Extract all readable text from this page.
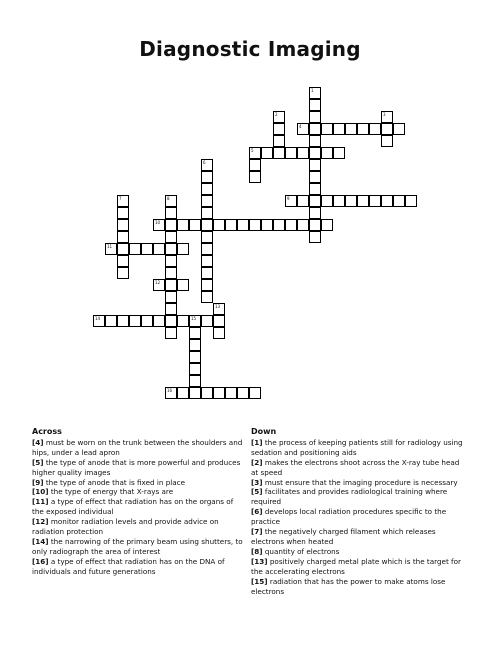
Diagnostic Imaging
1
2	3
4
5
6
7	8	9
10
11
12
13
14	15
16
Across

[4] must be worn on the trunk between the shoulders and hips, under a lead apron

[5] the type of anode that is more powerful and produces higher quality images

[9] the type of anode that is fixed in place

[10] the type of energy that X-rays are

[11] a type of effect that radiation has on the organs of the exposed individual

[12] monitor radiation levels and provide advice on radiation protection

[14] the narrowing of the primary beam using shutters, to only radiograph the area of interest

[16] a type of effect that radiation has on the DNA of individuals and future generations

Down

[1] the process of keeping patients still for radiology using sedation and positioning aids

[2] makes the electrons shoot across the X-ray tube head at speed

[3] must ensure that the imaging procedure is necessary

[5] facilitates and provides radiological training where required

[6] develops local radiation procedures specific to the practice

[7] the negatively charged filament which releases electrons when heated

[8] quantity of electrons

[13] positively charged metal plate which is the target for the accelerating electrons

[15] radiation that has the power to make atoms lose electrons
